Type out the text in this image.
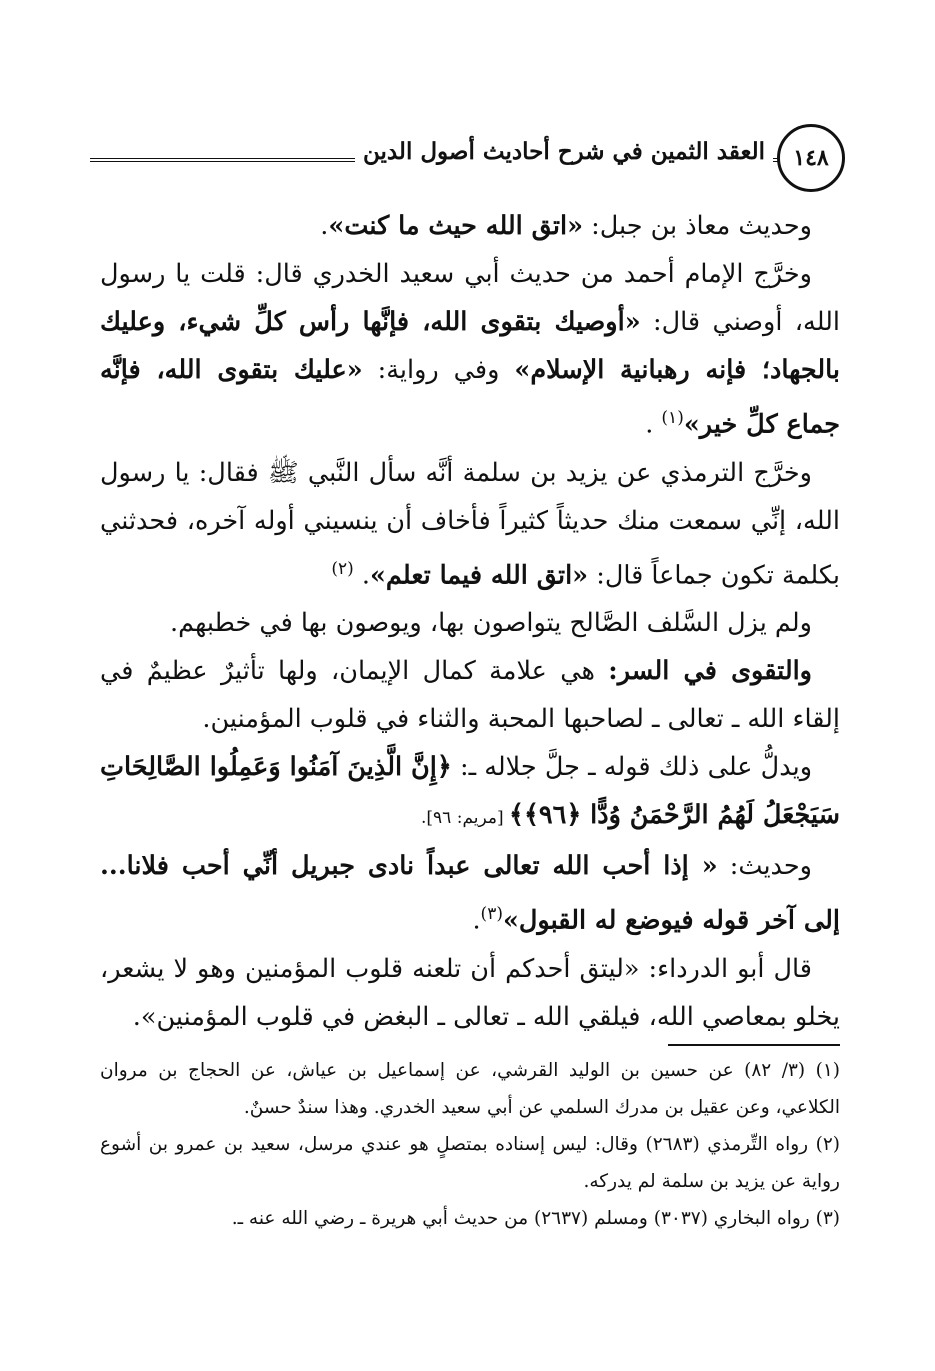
العقد الثمين في شرح أحاديث أصول الدين	١٤٨

وحديث معاذ بن جبل: «اتق الله حيث ما كنت».

وخرَّج الإمام أحمد من حديث أبي سعيد الخدري قال: قلت يا رسول الله، أوصني قال: «أوصيك بتقوى الله، فإنَّها رأس كلِّ شيء، وعليك بالجهاد؛ فإنه رهبانية الإسلام» وفي رواية: «عليك بتقوى الله، فإنَّه جماع كلِّ خير»$^{(١)}$ .

وخرَّج الترمذي عن يزيد بن سلمة أنَّه سأل النَّبي ﷺ فقال: يا رسول الله، إنِّي سمعت منك حديثاً كثيراً فأخاف أن ينسيني أوله آخره، فحدثني بكلمة تكون جماعاً قال: «اتق الله فيما تعلم». $^{(٢)}$

ولم يزل السَّلف الصَّالح يتواصون بها، ويوصون بها في خطبهم.

والتقوى في السر: هي علامة كمال الإيمان، ولها تأثيرٌ عظيمٌ في إلقاء الله ـ تعالى ـ لصاحبها المحبة والثناء في قلوب المؤمنين.

ويدلُّ على ذلك قوله ـ جلَّ جلاله ـ: ﴿إِنَّ الَّذِينَ آمَنُوا وَعَمِلُوا الصَّالِحَاتِ سَيَجْعَلُ لَهُمُ الرَّحْمَنُ وُدًّا ﴿٩٦﴾﴾ [مريم: ٩٦].

وحديث: « إذا أحب الله تعالى عبداً نادى جبريل أنِّي أحب فلانا... إلى آخر قوله فيوضع له القبول»$^{(٣)}$.

قال أبو الدرداء: «ليتق أحدكم أن تلعنه قلوب المؤمنين وهو لا يشعر، يخلو بمعاصي الله، فيلقي الله ـ تعالى ـ البغض في قلوب المؤمنين».

(١) (٣/ ٨٢) عن حسين بن الوليد القرشي، عن إسماعيل بن عياش، عن الحجاج بن مروان الكلاعي، وعن عقيل بن مدرك السلمي عن أبي سعيد الخدري. وهذا سندٌ حسنٌ.

(٢) رواه التِّرمذي (٢٦٨٣) وقال: ليس إسناده بمتصلٍ هو عندي مرسل، سعيد بن عمرو بن أشوع رواية عن يزيد بن سلمة لم يدركه.

(٣) رواه البخاري (٣٠٣٧) ومسلم (٢٦٣٧) من حديث أبي هريرة ـ رضي الله عنه ـ.
